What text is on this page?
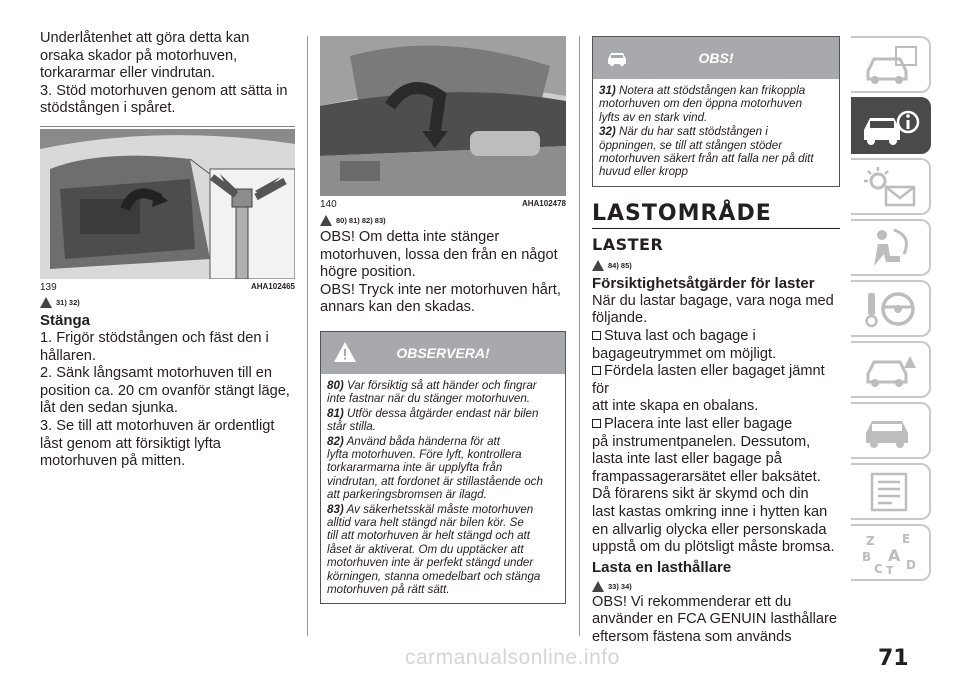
Underlåtenhet att göra detta kan
orsaka skador på motorhuven,
torkararmar eller vindrutan.
3. Stöd motorhuven genom att sätta in
stödstången i spåret.
139	AHA102465
31) 32)
Stänga
1. Frigör stödstången och fäst den i
hållaren.
2. Sänk långsamt motorhuven till en
position ca. 20 cm ovanför stängt läge,
låt den sedan sjunka.
3. Se till att motorhuven är ordentligt
låst genom att försiktigt lyfta
motorhuven på mitten.
140	AHA102478
80) 81) 82) 83)
OBS! Om detta inte stänger
motorhuven, lossa den från en något
högre position.
OBS! Tryck inte ner motorhuven hårt,
annars kan den skadas.
OBSERVERA!
80) Var försiktig så att händer och fingrar
inte fastnar när du stänger motorhuven.
81) Utför dessa åtgärder endast när bilen
står stilla.
82) Använd båda händerna för att
lyfta motorhuven. Före lyft, kontrollera
torkararmarna inte är upplyfta från
vindrutan, att fordonet är stillastående och
att parkeringsbromsen är ilagd.
83) Av säkerhetsskäl måste motorhuven
alltid vara helt stängd när bilen kör. Se
till att motorhuven är helt stängd och att
låset är aktiverat. Om du upptäcker att
motorhuven inte är perfekt stängd under
körningen, stanna omedelbart och stänga
motorhuven på rätt sätt.
OBS!
31) Notera att stödstången kan frikoppla
motorhuven om den öppna motorhuven
lyfts av en stark vind.
32) När du har satt stödstången i
öppningen, se till att stången stöder
motorhuven säkert från att falla ner på ditt
huvud eller kropp
LASTOMRÅDE
LASTER
84) 85)
Försiktighetsåtgärder för laster
När du lastar bagage, vara noga med
följande.
Stuva last och bagage i
bagageutrymmet om möjligt.
Fördela lasten eller bagaget jämnt för
att inte skapa en obalans.
Placera inte last eller bagage
på instrumentpanelen. Dessutom,
lasta inte last eller bagage på
frampassagerarsätet eller baksätet.
Då förarens sikt är skymd och din
last kastas omkring inne i hytten kan
en allvarlig olycka eller personskada
uppstå om du plötsligt måste bromsa.
Lasta en lasthållare
33) 34)
OBS! Vi rekommenderar ett du
använder en FCA GENUIN lasthållare
eftersom fästena som används
Z E
B A
C T D
carmanualsonline.info	71
